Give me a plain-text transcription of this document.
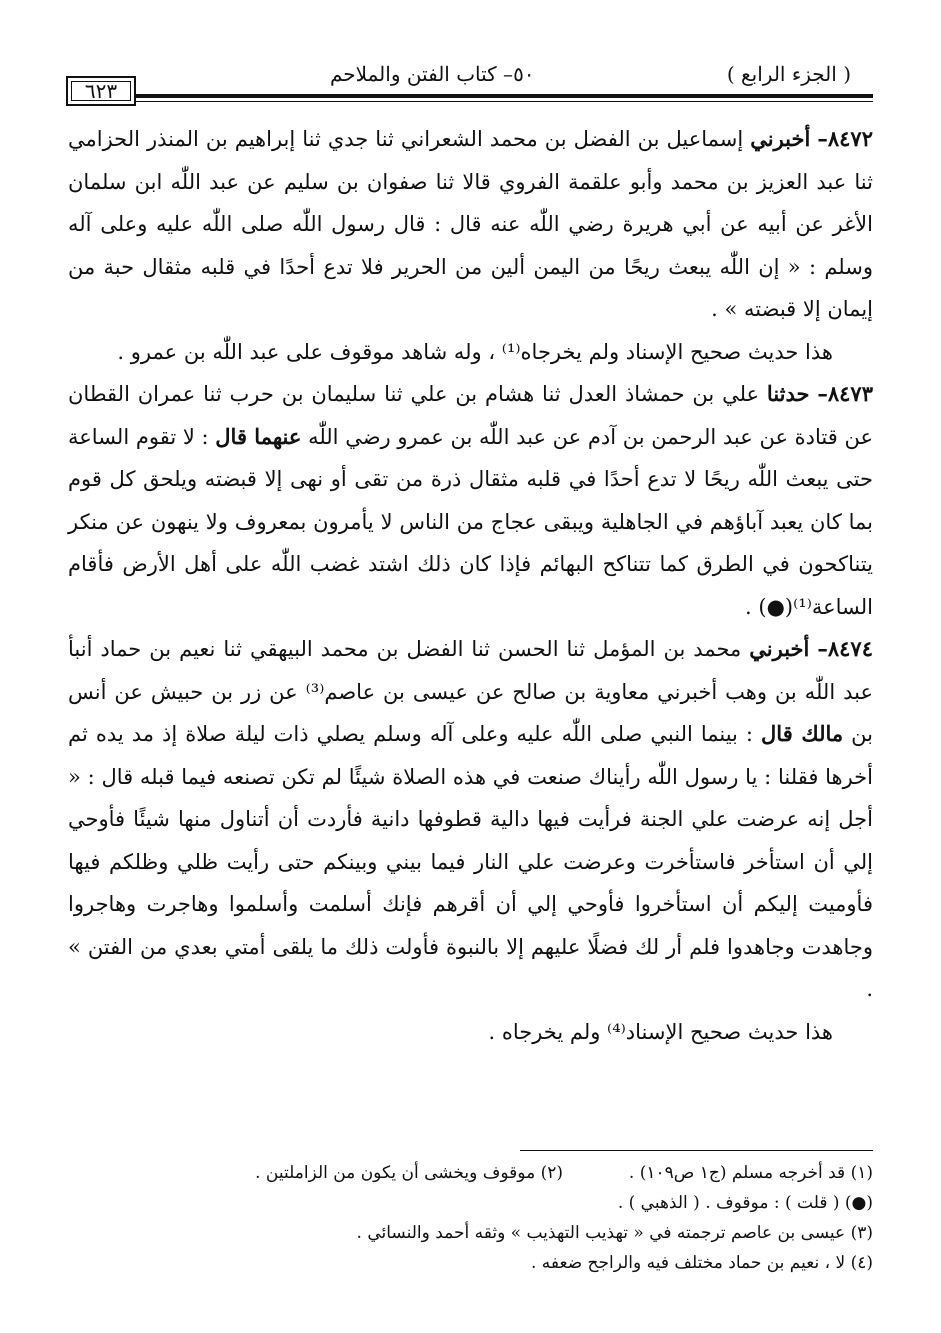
( الجزء الرابع )
٥٠– كتاب الفتن والملاحم
٦٢٣

٨٤٧٢– أخبرني إسماعيل بن الفضل بن محمد الشعراني ثنا جدي ثنا إبراهيم بن المنذر الحزامي ثنا عبد العزيز بن محمد وأبو علقمة الفروي قالا ثنا صفوان بن سليم عن عبد اللّٰه ابن سلمان الأغر عن أبيه عن أبي هريرة رضي اللّٰه عنه قال : قال رسول اللّٰه صلى اللّٰه عليه وعلى آله وسلم : « إن اللّٰه يبعث ريحًا من اليمن ألين من الحرير فلا تدع أحدًا في قلبه مثقال حبة من إيمان إلا قبضته » .

هذا حديث صحيح الإسناد ولم يخرجاه⁽¹⁾ ، وله شاهد موقوف على عبد اللّٰه بن عمرو .

٨٤٧٣– حدثنا علي بن حمشاذ العدل ثنا هشام بن علي ثنا سليمان بن حرب ثنا عمران القطان عن قتادة عن عبد الرحمن بن آدم عن عبد اللّٰه بن عمرو رضي اللّٰه عنهما قال : لا تقوم الساعة حتى يبعث اللّٰه ريحًا لا تدع أحدًا في قلبه مثقال ذرة من تقى أو نهى إلا قبضته ويلحق كل قوم بما كان يعبد آباؤهم في الجاهلية ويبقى عجاج من الناس لا يأمرون بمعروف ولا ينهون عن منكر يتناكحون في الطرق كما تتناكح البهائم فإذا كان ذلك اشتد غضب اللّٰه على أهل الأرض فأقام الساعة⁽¹⁾(●) .

٨٤٧٤– أخبرني محمد بن المؤمل ثنا الحسن ثنا الفضل بن محمد البيهقي ثنا نعيم بن حماد أنبأ عبد اللّٰه بن وهب أخبرني معاوية بن صالح عن عيسى بن عاصم⁽³⁾ عن زر بن حبيش عن أنس بن مالك قال : بينما النبي صلى اللّٰه عليه وعلى آله وسلم يصلي ذات ليلة صلاة إذ مد يده ثم أخرها فقلنا : يا رسول اللّٰه رأيناك صنعت في هذه الصلاة شيئًا لم تكن تصنعه فيما قبله قال : « أجل إنه عرضت علي الجنة فرأيت فيها دالية قطوفها دانية فأردت أن أتناول منها شيئًا فأوحي إلي أن استأخر فاستأخرت وعرضت علي النار فيما بيني وبينكم حتى رأيت ظلي وظلكم فيها فأوميت إليكم أن استأخروا فأوحي إلي أن أقرهم فإنك أسلمت وأسلموا وهاجرت وهاجروا وجاهدت وجاهدوا فلم أر لك فضلًا عليهم إلا بالنبوة فأولت ذلك ما يلقى أمتي بعدي من الفتن » .

هذا حديث صحيح الإسناد⁽⁴⁾ ولم يخرجاه .

(١) قد أخرجه مسلم (ج١ ص١٠٩) .
(٢) موقوف ويخشى أن يكون من الزاملتين .
(●) ( قلت ) : موقوف . ( الذهبي ) .
(٣) عيسى بن عاصم ترجمته في « تهذيب التهذيب » وثقه أحمد والنسائي .
(٤) لا ، نعيم بن حماد مختلف فيه والراجح ضعفه .
